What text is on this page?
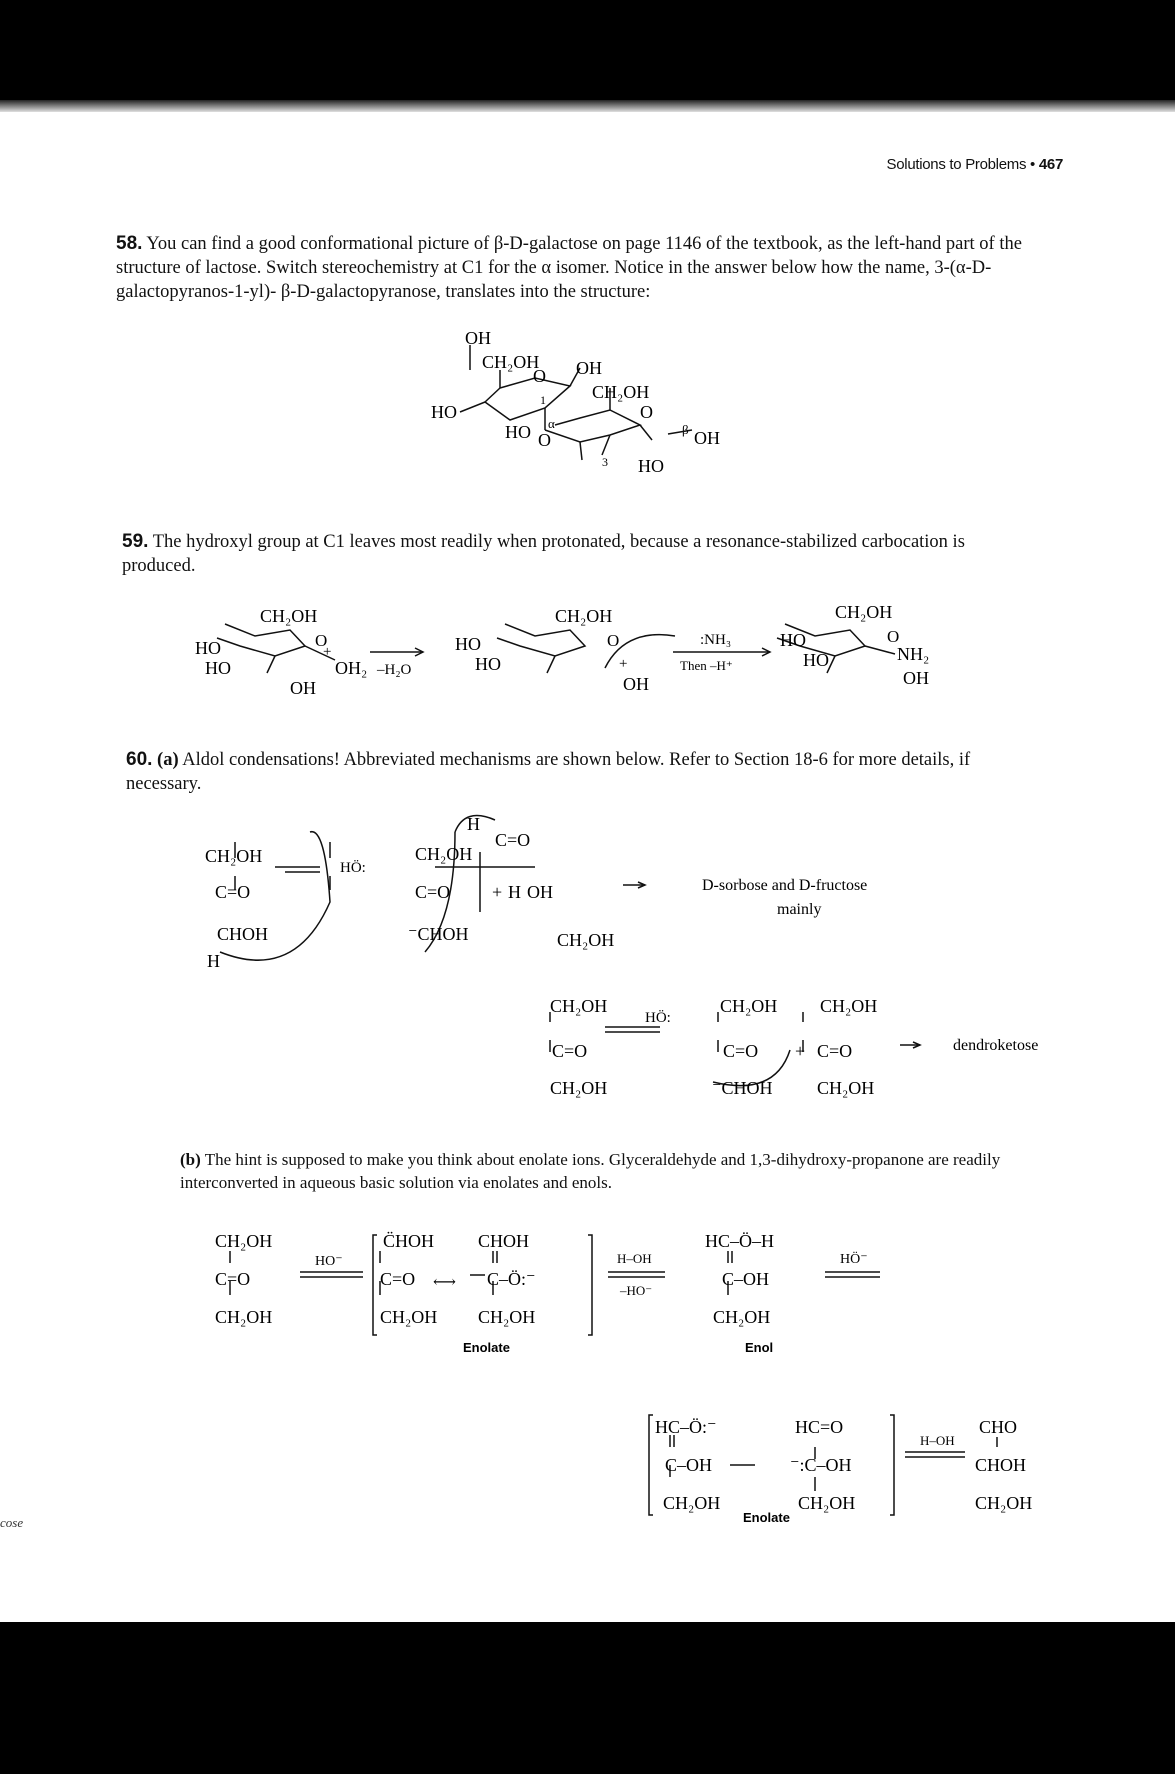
Solutions to Problems • 467
58. You can find a good conformational picture of β-D-galactose on page 1146 of the textbook, as the left-hand part of the structure of lactose. Switch stereochemistry at C1 for the α isomer. Notice in the answer below how the name, 3-(α-D-galactopyranos-1-yl)- β-D-galactopyranose, translates into the structure:
OH
CH₂OH
O
HO
HO
1
α
O
OH
CH₂OH
O
β OH
3 HO
59. The hydroxyl group at C1 leaves most readily when protonated, because a resonance-stabilized carbocation is produced.
CH₂OH
O
HO
HO
+
OH₂
OH
–H₂O
CH₂OH
O
HO
HO	+
OH
:NH₃
Then –H⁺
CH₂OH
O
HO
HO	NH₂
OH
60. (a) Aldol condensations! Abbreviated mechanisms are shown below. Refer to Section 18-6 for more details, if necessary.
CH₂OH
C=O
CHOH
H
HÖ:
CH₂OH
C=O
⁻CHOH
+ H OH
H
C=O
CH₂OH
D-sorbose and D-fructose
mainly
CH₂OH
C=O
CH₂OH
HÖ:
CH₂OH
C=O
⁻CHOH
+
CH₂OH
C=O
CH₂OH
dendroketose
(b) The hint is supposed to make you think about enolate ions. Glyceraldehyde and 1,3-dihydroxy-propanone are readily interconverted in aqueous basic solution via enolates and enols.
CH₂OH
C=O
CH₂OH
HO⁻
C̈HOH
C=O
CH₂OH
⟷
CHOH
C–Ö:⁻
CH₂OH
H–OH
–HO⁻
HC–Ö–H
C–OH
CH₂OH
HÖ⁻
Enolate	Enol
HC–Ö:⁻
C–OH
CH₂OH
HC=O
⁻:C–OH
CH₂OH
H–OH
CHO
CHOH
CH₂OH
Enolate
cose
